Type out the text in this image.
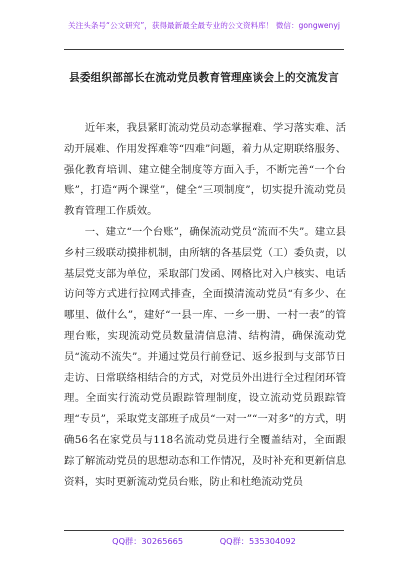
关注头条号“公文研究”，获得最新最全最专业的公文资料库！ 微信：gongwenyj
县委组织部部长在流动党员教育管理座谈会上的交流发言

近年来，我县紧盯流动党员动态掌握难、学习落实难、活动开展难、作用发挥难等“四难”问题，着力从定期联络服务、强化教育培训、建立健全制度等方面入手，不断完善“一个台账”，打造“两个课堂”，健全“三项制度”，切实提升流动党员教育管理工作质效。

一、建立“一个台账”，确保流动党员“流而不失”。建立县乡村三级联动摸排机制，由所辖的各基层党（工）委负责，以基层党支部为单位，采取部门发函、网格比对入户核实、电话访问等方式进行拉网式排查，全面摸清流动党员“有多少、在哪里、做什么”，建好“一县一库、一乡一册、一村一表”的管理台账，实现流动党员数量清信息清、结构清，确保流动党员“流动不流失”。并通过党员行前登记、返乡报到与支部节日走访、日常联络相结合的方式，对党员外出进行全过程闭环管理。全面实行流动党员跟踪管理制度，设立流动党员跟踪管理“专员”，采取党支部班子成员“一对一”“一对多”的方式，明确56名在家党员与118名流动党员进行全覆盖结对，全面跟踪了解流动党员的思想动态和工作情况，及时补充和更新信息资料，实时更新流动党员台账，防止和杜绝流动党员

QQ群：30265665	QQ群：535304092
